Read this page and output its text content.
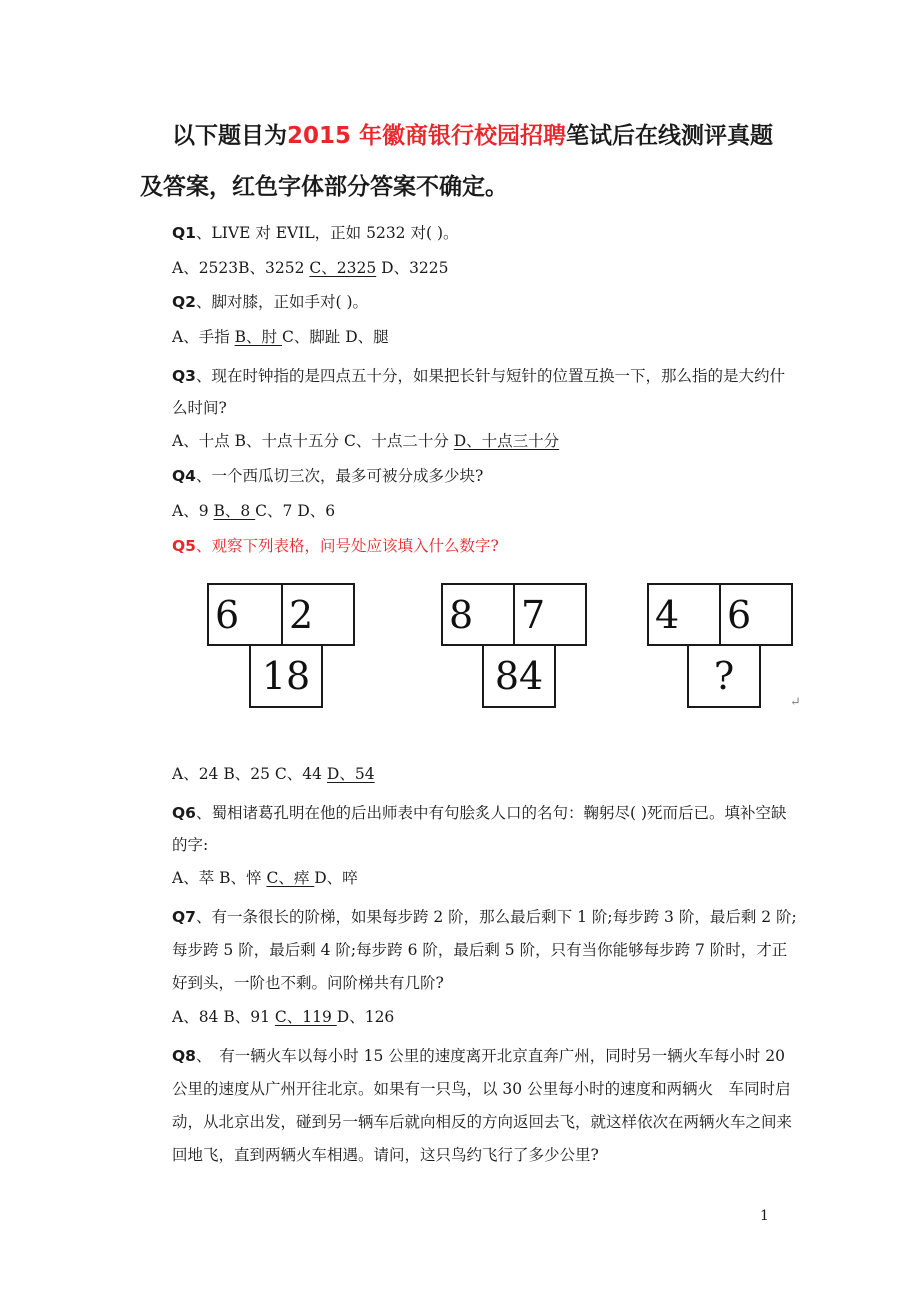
以下题目为2015 年徽商银行校园招聘笔试后在线测评真题

及答案，红色字体部分答案不确定。

Q1、LIVE 对 EVIL，正如 5232 对( )。

A、2523B、3252 C、2325 D、3225

Q2、脚对膝，正如手对( )。

A、手指 B、肘 C、脚趾 D、腿

Q3、现在时钟指的是四点五十分，如果把长针与短针的位置互换一下，那么指的是大约什么时间?

A、十点 B、十点十五分 C、十点二十分 D、十点三十分

Q4、一个西瓜切三次，最多可被分成多少块?

A、9 B、8 C、7 D、6

Q5、观察下列表格，问号处应该填入什么数字?

6	2
18
8	7
84
4	6
?
↵

A、24 B、25 C、44 D、54

Q6、蜀相诸葛孔明在他的后出师表中有句脍炙人口的名句：鞠躬尽( )死而后已。填补空缺的字:

A、萃 B、悴 C、瘁 D、啐

Q7、有一条很长的阶梯，如果每步跨 2 阶，那么最后剩下 1 阶;每步跨 3 阶，最后剩 2 阶;每步跨 5 阶，最后剩 4 阶;每步跨 6 阶，最后剩 5 阶，只有当你能够每步跨 7 阶时，才正好到头，一阶也不剩。问阶梯共有几阶?

A、84 B、91 C、119 D、126

Q8、　有一辆火车以每小时 15 公里的速度离开北京直奔广州，同时另一辆火车每小时 20 公里的速度从广州开往北京。如果有一只鸟，以 30 公里每小时的速度和两辆火　车同时启动，从北京出发，碰到另一辆车后就向相反的方向返回去飞，就这样依次在两辆火车之间来回地飞，直到两辆火车相遇。请问，这只鸟约飞行了多少公里?

1
